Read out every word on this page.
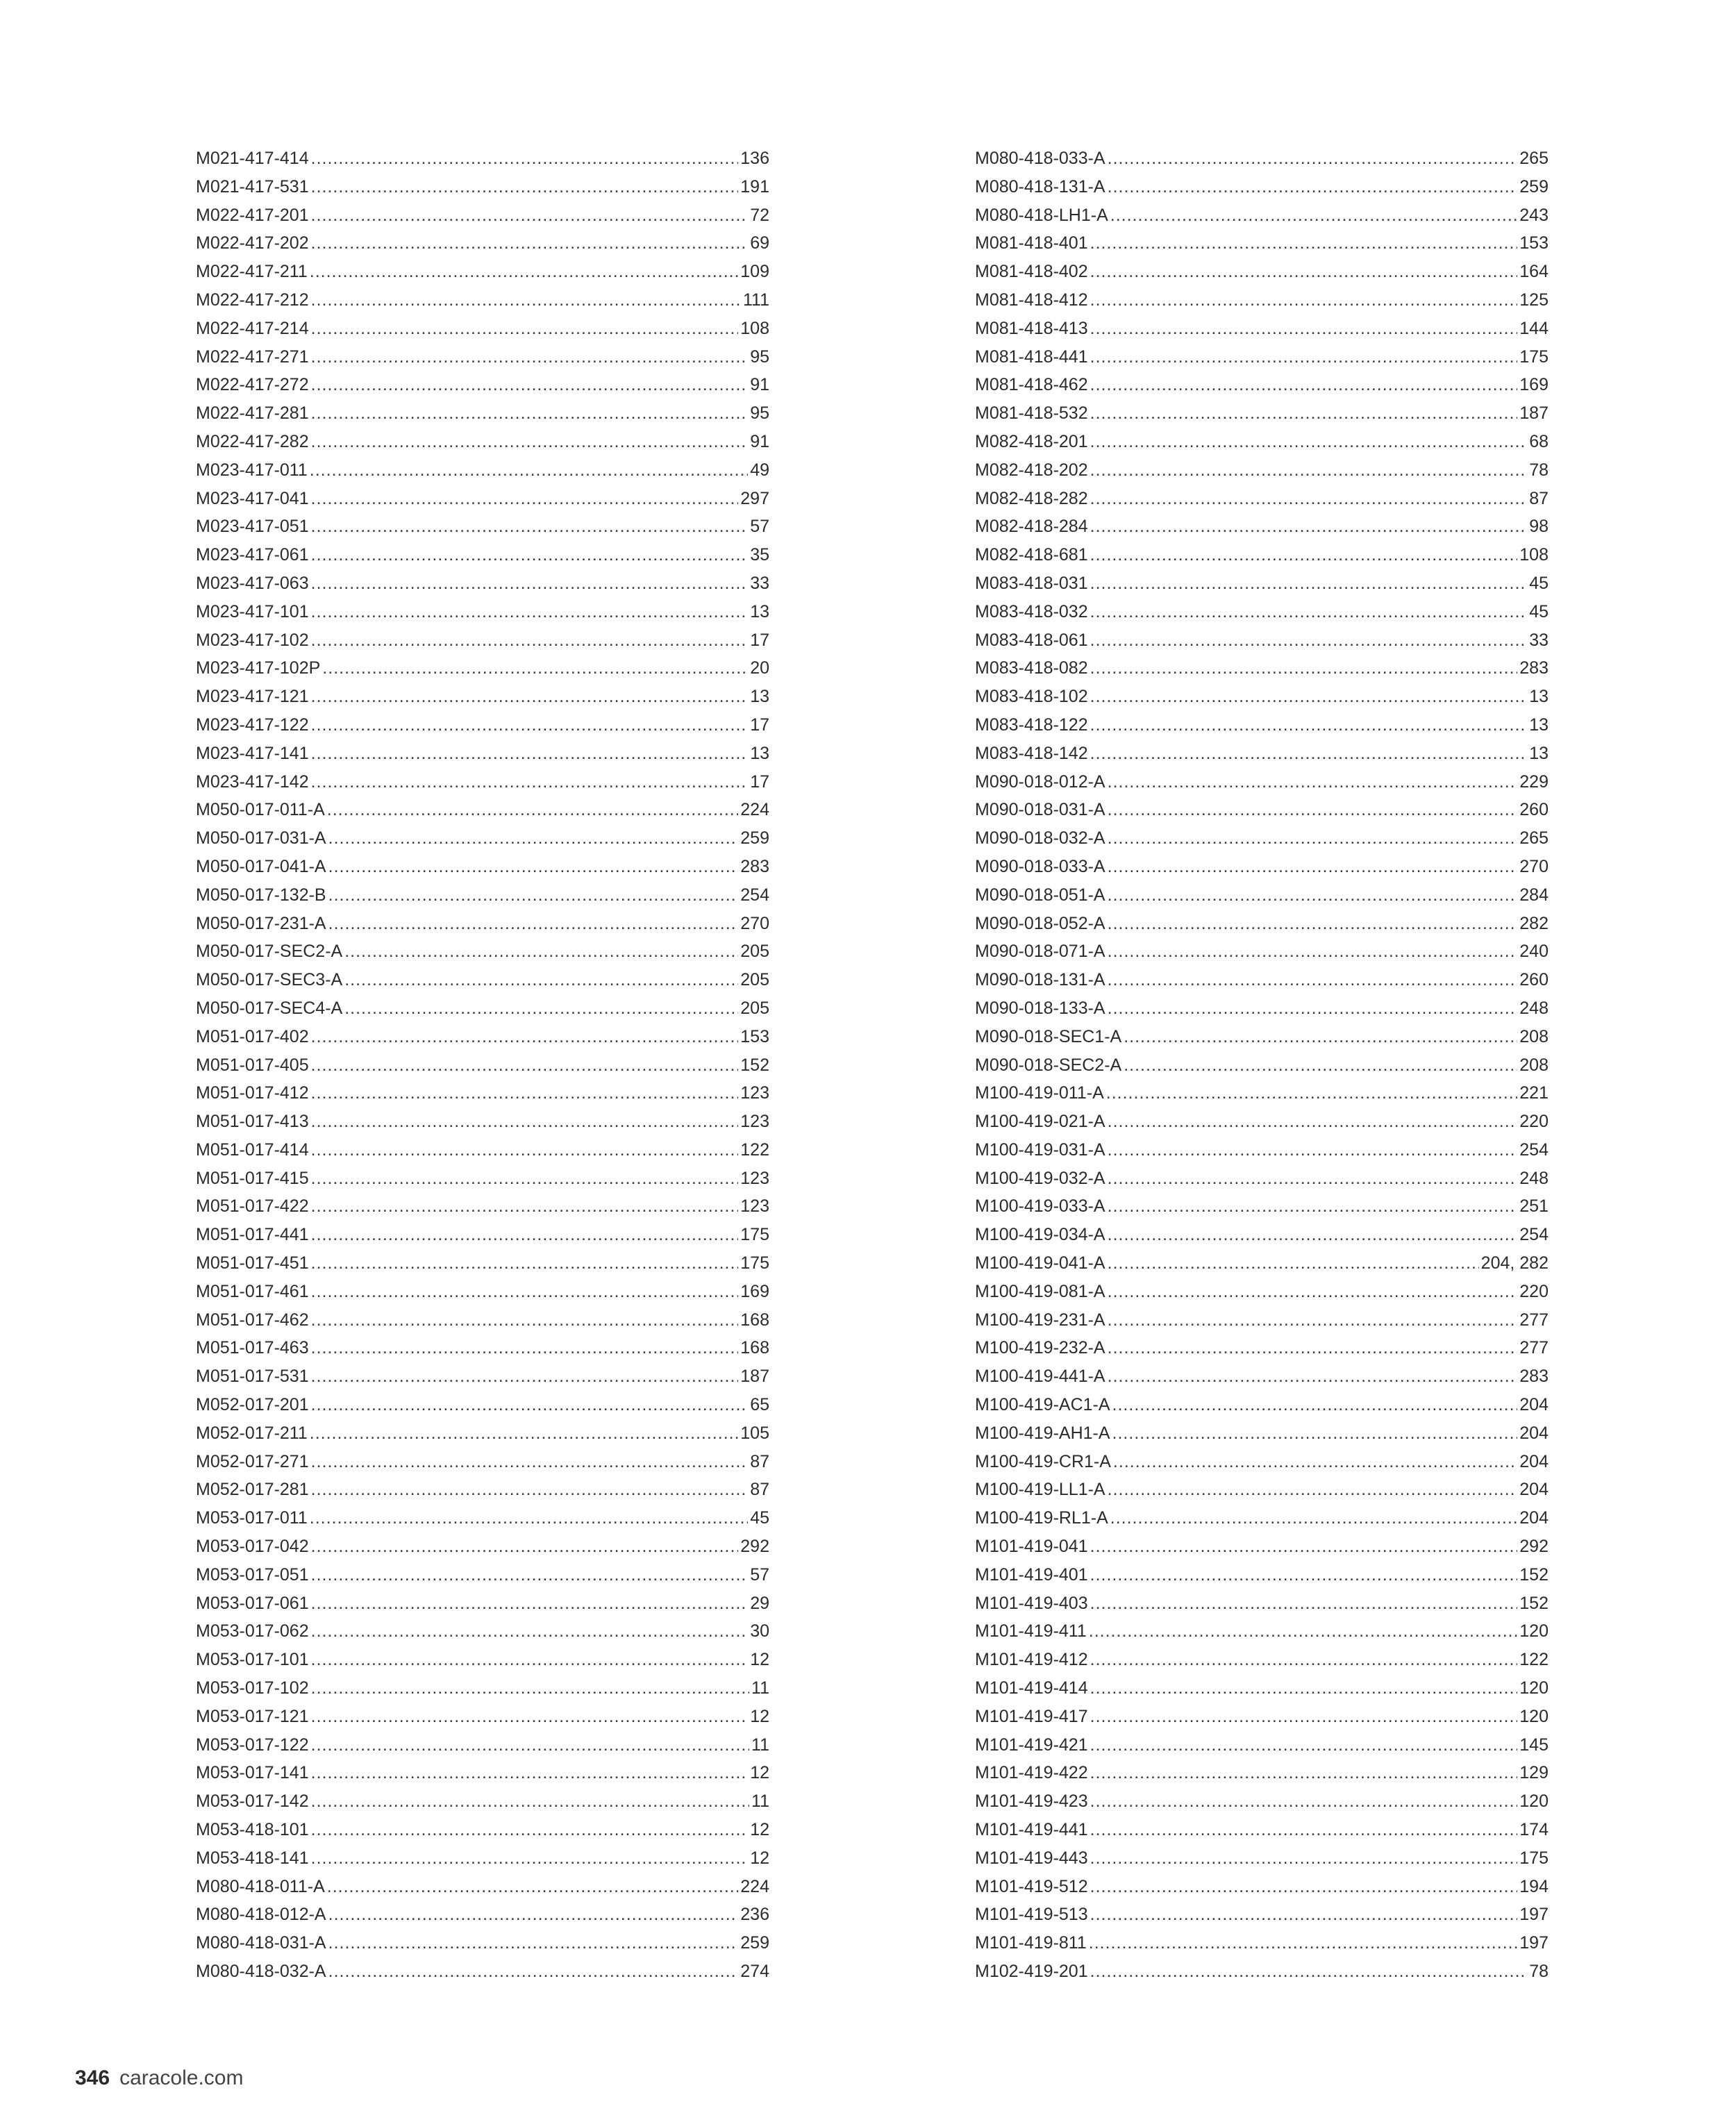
M021-417-414 .....	136
M021-417-531 .....	191
M022-417-201 .....	72
M022-417-202 .....	69
M022-417-211 .....	109
M022-417-212 .....	111
M022-417-214 .....	108
M022-417-271 .....	95
M022-417-272 .....	91
M022-417-281 .....	95
M022-417-282 .....	91
M023-417-011 .....	49
M023-417-041 .....	297
M023-417-051 .....	57
M023-417-061 .....	35
M023-417-063 .....	33
M023-417-101 .....	13
M023-417-102 .....	17
M023-417-102P .....	20
M023-417-121 .....	13
M023-417-122 .....	17
M023-417-141 .....	13
M023-417-142 .....	17
M050-017-011-A .....	224
M050-017-031-A .....	259
M050-017-041-A .....	283
M050-017-132-B .....	254
M050-017-231-A .....	270
M050-017-SEC2-A .....	205
M050-017-SEC3-A .....	205
M050-017-SEC4-A .....	205
M051-017-402 .....	153
M051-017-405 .....	152
M051-017-412 .....	123
M051-017-413 .....	123
M051-017-414 .....	122
M051-017-415 .....	123
M051-017-422 .....	123
M051-017-441 .....	175
M051-017-451 .....	175
M051-017-461 .....	169
M051-017-462 .....	168
M051-017-463 .....	168
M051-017-531 .....	187
M052-017-201 .....	65
M052-017-211 .....	105
M052-017-271 .....	87
M052-017-281 .....	87
M053-017-011 .....	45
M053-017-042 .....	292
M053-017-051 .....	57
M053-017-061 .....	29
M053-017-062 .....	30
M053-017-101 .....	12
M053-017-102 .....	11
M053-017-121 .....	12
M053-017-122 .....	11
M053-017-141 .....	12
M053-017-142 .....	11
M053-418-101 .....	12
M053-418-141 .....	12
M080-418-011-A .....	224
M080-418-012-A .....	236
M080-418-031-A .....	259
M080-418-032-A .....	274
M080-418-033-A .....	265
M080-418-131-A .....	259
M080-418-LH1-A .....	243
M081-418-401 .....	153
M081-418-402 .....	164
M081-418-412 .....	125
M081-418-413 .....	144
M081-418-441 .....	175
M081-418-462 .....	169
M081-418-532 .....	187
M082-418-201 .....	68
M082-418-202 .....	78
M082-418-282 .....	87
M082-418-284 .....	98
M082-418-681 .....	108
M083-418-031 .....	45
M083-418-032 .....	45
M083-418-061 .....	33
M083-418-082 .....	283
M083-418-102 .....	13
M083-418-122 .....	13
M083-418-142 .....	13
M090-018-012-A .....	229
M090-018-031-A .....	260
M090-018-032-A .....	265
M090-018-033-A .....	270
M090-018-051-A .....	284
M090-018-052-A .....	282
M090-018-071-A .....	240
M090-018-131-A .....	260
M090-018-133-A .....	248
M090-018-SEC1-A .....	208
M090-018-SEC2-A .....	208
M100-419-011-A .....	221
M100-419-021-A .....	220
M100-419-031-A .....	254
M100-419-032-A .....	248
M100-419-033-A .....	251
M100-419-034-A .....	254
M100-419-041-A .....	204, 282
M100-419-081-A .....	220
M100-419-231-A .....	277
M100-419-232-A .....	277
M100-419-441-A .....	283
M100-419-AC1-A .....	204
M100-419-AH1-A .....	204
M100-419-CR1-A .....	204
M100-419-LL1-A .....	204
M100-419-RL1-A .....	204
M101-419-041 .....	292
M101-419-401 .....	152
M101-419-403 .....	152
M101-419-411 .....	120
M101-419-412 .....	122
M101-419-414 .....	120
M101-419-417 .....	120
M101-419-421 .....	145
M101-419-422 .....	129
M101-419-423 .....	120
M101-419-441 .....	174
M101-419-443 .....	175
M101-419-512 .....	194
M101-419-513 .....	197
M101-419-811 .....	197
M102-419-201 .....	78
346 caracole.com
